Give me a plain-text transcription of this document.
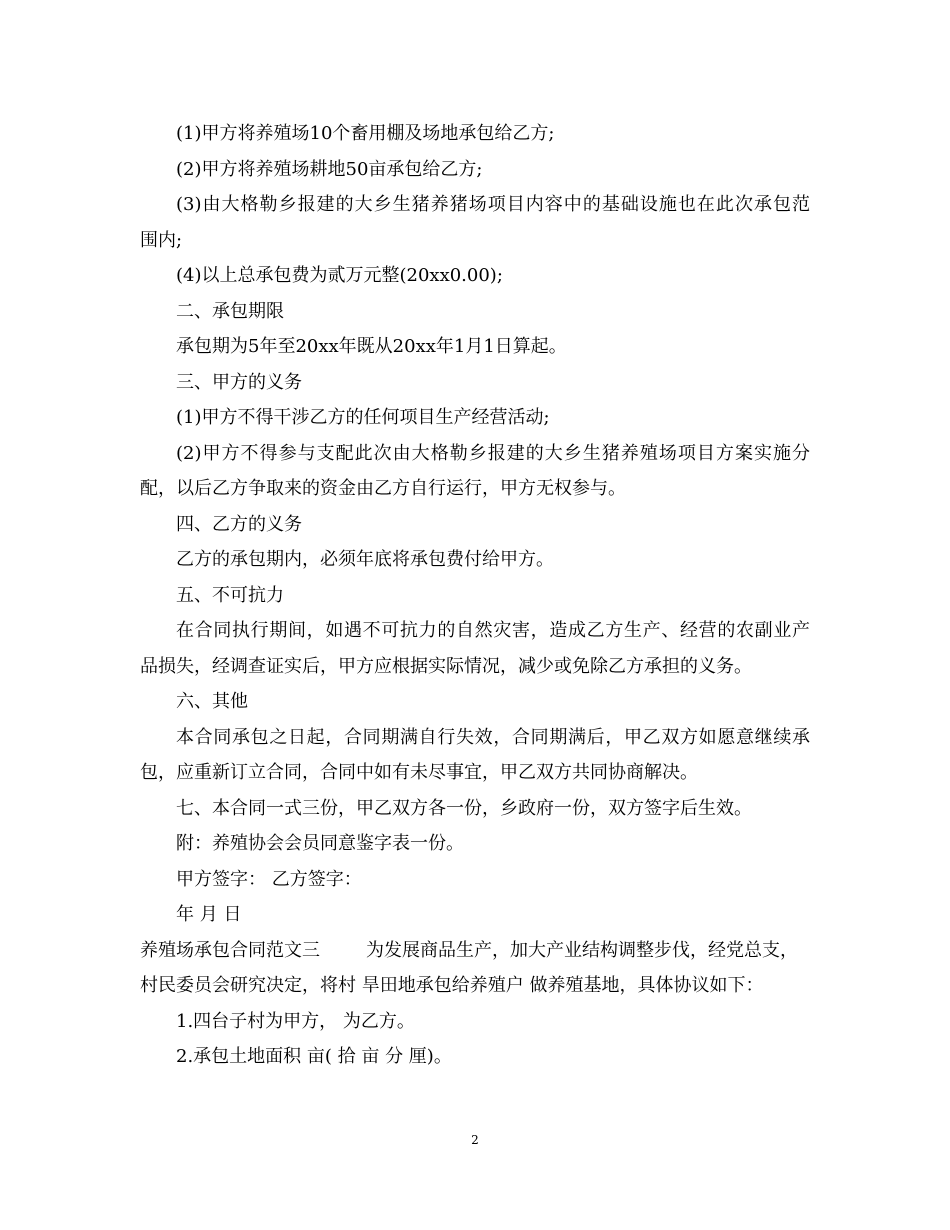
(1)甲方将养殖场10个畜用棚及场地承包给乙方;
(2)甲方将养殖场耕地50亩承包给乙方;
(3)由大格勒乡报建的大乡生猪养猪场项目内容中的基础设施也在此次承包范
围内;
(4)以上总承包费为贰万元整(20xx0.00);
二、承包期限
承包期为5年至20xx年既从20xx年1月1日算起。
三、甲方的义务
(1)甲方不得干涉乙方的任何项目生产经营活动;
(2)甲方不得参与支配此次由大格勒乡报建的大乡生猪养殖场项目方案实施分
配，以后乙方争取来的资金由乙方自行运行，甲方无权参与。
四、乙方的义务
乙方的承包期内，必须年底将承包费付给甲方。
五、不可抗力
在合同执行期间，如遇不可抗力的自然灾害，造成乙方生产、经营的农副业产
品损失，经调查证实后，甲方应根据实际情况，减少或免除乙方承担的义务。
六、其他
本合同承包之日起，合同期满自行失效，合同期满后，甲乙双方如愿意继续承
包，应重新订立合同，合同中如有未尽事宜，甲乙双方共同协商解决。
七、本合同一式三份，甲乙双方各一份，乡政府一份，双方签字后生效。
附：养殖协会会员同意鉴字表一份。
甲方签字： 乙方签字：
年 月 日
养殖场承包合同范文三	为发展商品生产，加大产业结构调整步伐，经党总支，
村民委员会研究决定，将村 旱田地承包给养殖户 做养殖基地，具体协议如下：
1.四台子村为甲方， 为乙方。
2.承包土地面积 亩( 拾 亩 分 厘)。
2
